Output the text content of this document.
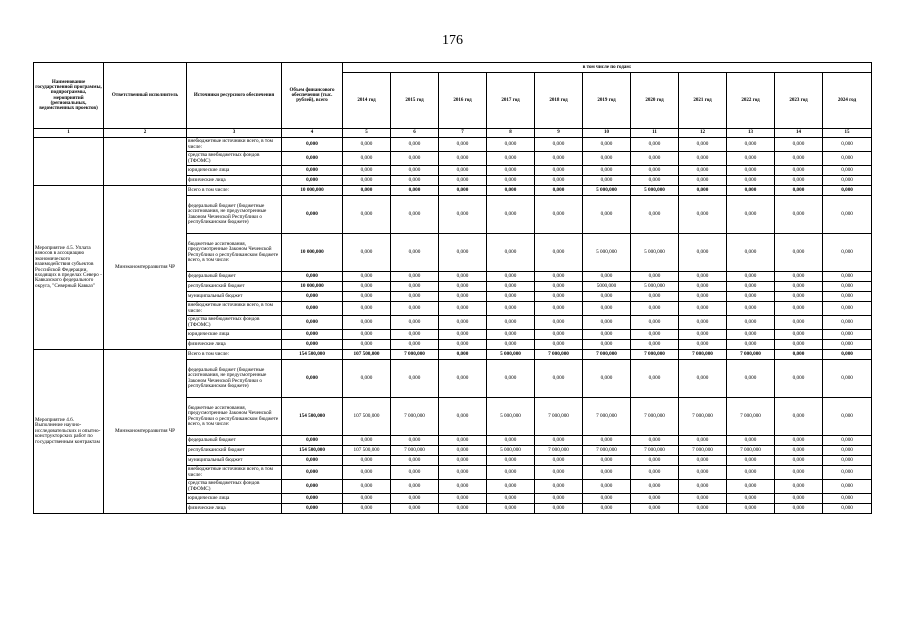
176
Наименование государственной программы, подпрограммы, мероприятий (региональных, ведомственных проектов)	Ответственный исполнитель	Источники ресурсного обеспечения	Объем финансового обеспечения (тыс. рублей), всего	в том числе по годам:										
				2014 год	2015 год	2016 год	2017 год	2018 год	2019 год	2020 год	2021 год	2022 год	2023 год	2024 год
1	2	3	4	5	6	7	8	9	10	11	12	13	14	15
		внебюджетные источники всего, в том числе:	0,000	0,000	0,000	0,000	0,000	0,000	0,000	0,000	0,000	0,000	0,000	0,000
		средства внебюджетных фондов (ТФОМС)	0,000	0,000	0,000	0,000	0,000	0,000	0,000	0,000	0,000	0,000	0,000	0,000
		юридические лица	0,000	0,000	0,000	0,000	0,000	0,000	0,000	0,000	0,000	0,000	0,000	0,000
		физические лица	0,000	0,000	0,000	0,000	0,000	0,000	0,000	0,000	0,000	0,000	0,000	0,000
Мероприятие 4.5. Уплата взносов в ассоциацию экономического взаимодействия субъектов Российской Федерации, входящих в пределах Северо - Кавказского федерального округа, "Северный Кавказ"	Минэкономтерразвития ЧР	Всего в том числе:	10 000,000	0,000	0,000	0,000	0,000	0,000	5 000,000	5 000,000	0,000	0,000	0,000	0,000
		федеральный бюджет (бюджетные ассигнования, не предусмотренные Законом Чеченской Республики о республиканском бюджете)	0,000	0,000	0,000	0,000	0,000	0,000	0,000	0,000	0,000	0,000	0,000	0,000
		бюджетные ассигнования, предусмотренные Законом Чеченской Республики о республиканском бюджете всего, в том числе:	10 000,000	0,000	0,000	0,000	0,000	0,000	5 000,000	5 000,000	0,000	0,000	0,000	0,000
		федеральный бюджет	0,000	0,000	0,000	0,000	0,000	0,000	0,000	0,000	0,000	0,000	0,000	0,000
		республиканский бюджет	10 000,000	0,000	0,000	0,000	0,000	0,000	5000,000	5 000,000	0,000	0,000	0,000	0,000
		муниципальный бюджет	0,000	0,000	0,000	0,000	0,000	0,000	0,000	0,000	0,000	0,000	0,000	0,000
		внебюджетные источники всего, в том числе:	0,000	0,000	0,000	0,000	0,000	0,000	0,000	0,000	0,000	0,000	0,000	0,000
		средства внебюджетных фондов (ТФОМС)	0,000	0,000	0,000	0,000	0,000	0,000	0,000	0,000	0,000	0,000	0,000	0,000
		юридические лица	0,000	0,000	0,000	0,000	0,000	0,000	0,000	0,000	0,000	0,000	0,000	0,000
		физические лица	0,000	0,000	0,000	0,000	0,000	0,000	0,000	0,000	0,000	0,000	0,000	0,000
Мероприятие 4.6. Выполнение научно-исследовательских и опытно-конструкторских работ по государственным контрактам	Минэкономтерразвития ЧР	Всего в том числе:	154 500,000	107 500,000	7 000,000	0,000	5 000,000	7 000,000	7 000,000	7 000,000	7 000,000	7 000,000	0,000	0,000
		федеральный бюджет (бюджетные ассигнования, не предусмотренные Законом Чеченской Республики о республиканском бюджете)	0,000	0,000	0,000	0,000	0,000	0,000	0,000	0,000	0,000	0,000	0,000	0,000
		бюджетные ассигнования, предусмотренные Законом Чеченской Республики о республиканском бюджете всего, в том числе:	154 500,000	107 500,000	7 000,000	0,000	5 000,000	7 000,000	7 000,000	7 000,000	7 000,000	7 000,000	0,000	0,000
		федеральный бюджет	0,000	0,000	0,000	0,000	0,000	0,000	0,000	0,000	0,000	0,000	0,000	0,000
		республиканский бюджет	154 500,000	107 500,000	7 000,000	0,000	5 000,000	7 000,000	7 000,000	7 000,000	7 000,000	7 000,000	0,000	0,000
		муниципальный бюджет	0,000	0,000	0,000	0,000	0,000	0,000	0,000	0,000	0,000	0,000	0,000	0,000
		внебюджетные источники всего, в том числе:	0,000	0,000	0,000	0,000	0,000	0,000	0,000	0,000	0,000	0,000	0,000	0,000
		средства внебюджетных фондов (ТФОМС)	0,000	0,000	0,000	0,000	0,000	0,000	0,000	0,000	0,000	0,000	0,000	0,000
		юридические лица	0,000	0,000	0,000	0,000	0,000	0,000	0,000	0,000	0,000	0,000	0,000	0,000
		физические лица	0,000	0,000	0,000	0,000	0,000	0,000	0,000	0,000	0,000	0,000	0,000	0,000
